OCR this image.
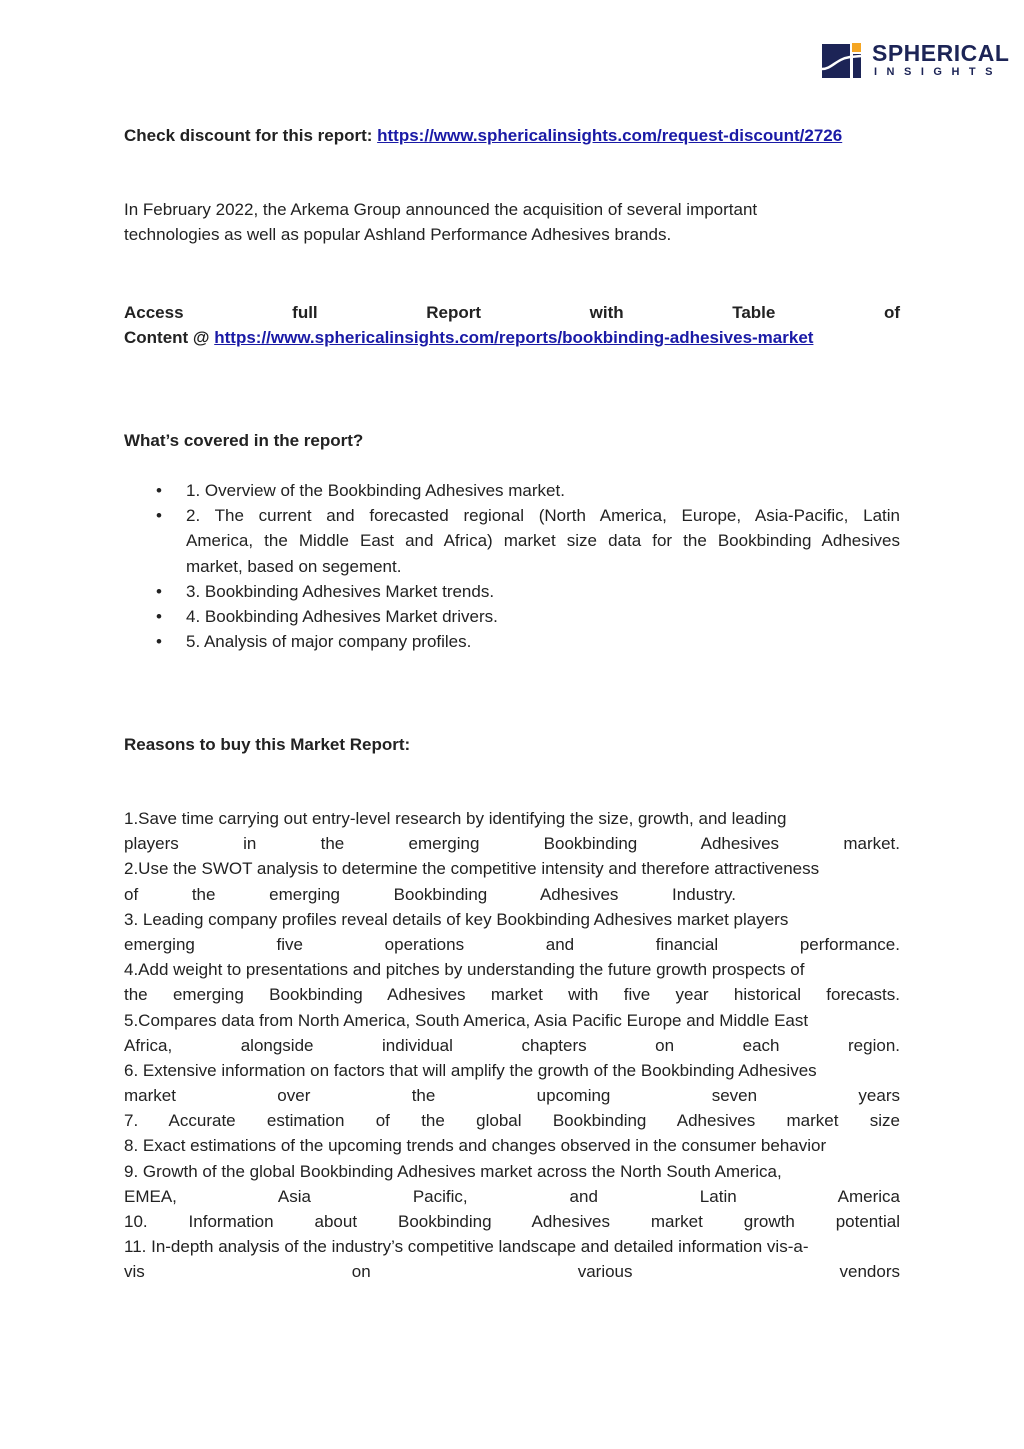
SPHERICAL
INSIGHTS
Check discount for this report: https://www.sphericalinsights.com/request-discount/2726
In February 2022, the Arkema Group announced the acquisition of several important
technologies as well as popular Ashland Performance Adhesives brands.
Access	full	Report	with	Table	of
Content @ https://www.sphericalinsights.com/reports/bookbinding-adhesives-market
What’s covered in the report?
• 1. Overview of the Bookbinding Adhesives market.
• 2. The current and forecasted regional (North America, Europe, Asia-Pacific, Latin
America, the Middle East and Africa) market size data for the Bookbinding Adhesives
market, based on segement.
• 3. Bookbinding Adhesives Market trends.
• 4. Bookbinding Adhesives Market drivers.
• 5. Analysis of major company profiles.
Reasons to buy this Market Report:
1.Save time carrying out entry-level research by identifying the size, growth, and leading
players in the emerging Bookbinding Adhesives market.
2.Use the SWOT analysis to determine the competitive intensity and therefore attractiveness
of the emerging Bookbinding Adhesives Industry.
3. Leading company profiles reveal details of key Bookbinding Adhesives market players
emerging five operations and financial performance.
4.Add weight to presentations and pitches by understanding the future growth prospects of
the emerging Bookbinding Adhesives market with five year historical forecasts.
5.Compares data from North America, South America, Asia Pacific Europe and Middle East
Africa, alongside individual chapters on each region.
6. Extensive information on factors that will amplify the growth of the Bookbinding Adhesives
market over the upcoming seven years
7. Accurate estimation of the global Bookbinding Adhesives market size
8. Exact estimations of the upcoming trends and changes observed in the consumer behavior
9. Growth of the global Bookbinding Adhesives market across the North South America,
EMEA, Asia Pacific, and Latin America
10. Information about Bookbinding Adhesives market growth potential
11. In-depth analysis of the industry’s competitive landscape and detailed information vis-a-
vis on various vendors
